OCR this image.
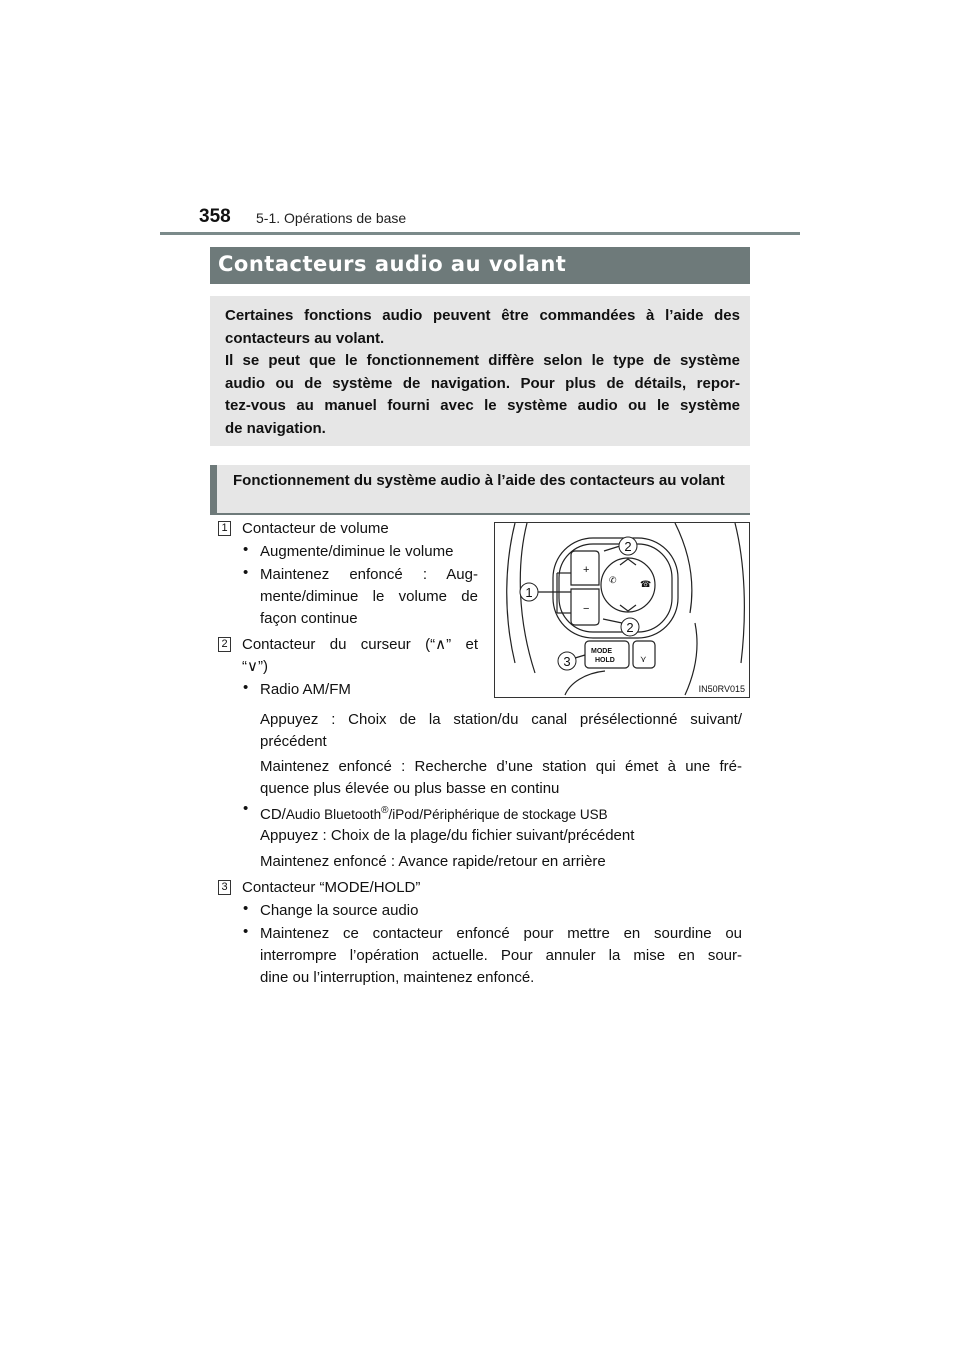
358 5-1. Opérations de base
Contacteurs audio au volant

Certaines fonctions audio peuvent être commandées à l’aide des contacteurs au volant.

Il se peut que le fonctionnement diffère selon le type de système

audio ou de système de navigation. Pour plus de détails, repor-

tez-vous au manuel fourni avec le système audio ou le système

de navigation.

Fonctionnement du système audio à l’aide des contacteurs au volant
+
−
✆	☎
⋎
MODE
HOLD
1
2
2
3
IN50RV015
1 Contacteur de volume
• Augmente/diminue le volume
• Maintenez enfoncé : Aug-
mente/diminue le volume de
façon continue
2 Contacteur du curseur (“∧” et
“∨”)
• Radio AM/FM
Appuyez : Choix de la station/du canal présélectionné suivant/
précédent
Maintenez enfoncé : Recherche d’une station qui émet à une fré-
quence plus élevée ou plus basse en continu
• CD/Audio Bluetooth®/iPod/Périphérique de stockage USB
Appuyez : Choix de la plage/du fichier suivant/précédent
Maintenez enfoncé : Avance rapide/retour en arrière
3 Contacteur “MODE/HOLD”
• Change la source audio
• Maintenez ce contacteur enfoncé pour mettre en sourdine ou
interrompre l’opération actuelle. Pour annuler la mise en sour-
dine ou l’interruption, maintenez enfoncé.
